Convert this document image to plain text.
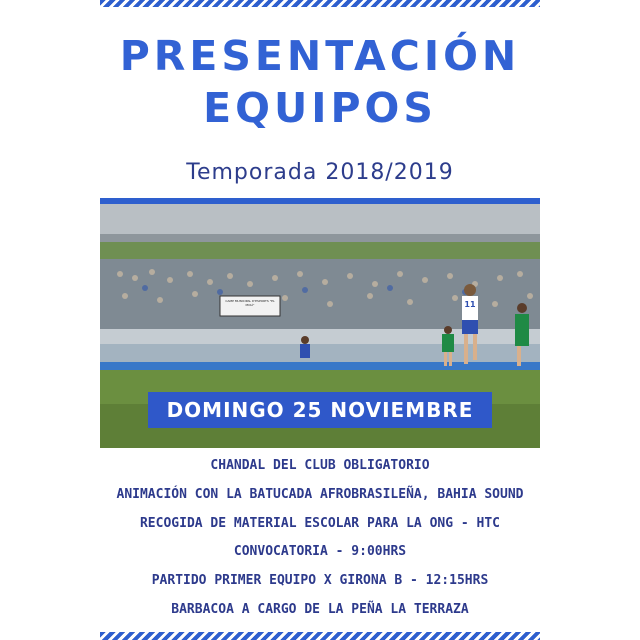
PRESENTACIÓN
EQUIPOS
Temporada 2018/2019
CAMP MUNICIPAL D'ESPORTS "EL MOLÍ"	11
DOMINGO 25 NOVIEMBRE
CHANDAL DEL CLUB OBLIGATORIO
ANIMACIÓN CON LA BATUCADA AFROBRASILEÑA, BAHIA SOUND
RECOGIDA DE MATERIAL ESCOLAR PARA LA ONG - HTC
CONVOCATORIA - 9:00HRS
PARTIDO PRIMER EQUIPO X GIRONA B - 12:15HRS
BARBACOA A CARGO DE LA PEÑA LA TERRAZA
